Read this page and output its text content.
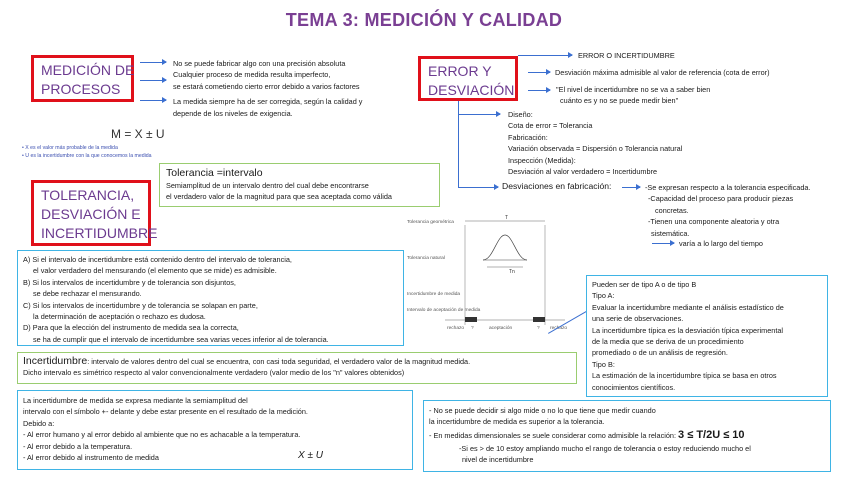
TEMA 3: MEDICIÓN Y CALIDAD
MEDICIÓN DE
PROCESOS
No se puede fabricar algo con una precisión absoluta
Cualquier proceso de medida resulta imperfecto,
se estará cometiendo cierto error debido a varios factores
La medida siempre ha de ser corregida, según la calidad y
depende de los niveles de exigencia.
M = X ± U
• X es el valor más probable de la medida
• U es la incertidumbre con la que conocemos la medida
ERROR Y
DESVIACIÓN
ERROR O INCERTIDUMBRE
Desviación máxima admisible al valor de referencia (cota de error)
"El nivel de incertidumbre no se va a saber bien
cuánto es y no se puede medir bien"
Diseño:
Cota de error = Tolerancia
Fabricación:
Variación observada = Dispersión o Tolerancia natural
Inspección (Medida):
Desviación al valor verdadero = Incertidumbre
Desviaciones en fabricación:	-Se expresan respecto a la tolerancia especificada.
-Capacidad del proceso para producir piezas
concretas.
-Tienen una componente aleatoria y otra
sistemática.
varía a lo largo del tiempo
TOLERANCIA,
DESVIACIÓN E
INCERTIDUMBRE
Tolerancia =intervalo
Semiamplitud de un intervalo dentro del cual debe encontrarse
el verdadero valor de la magnitud para que sea aceptada como válida
A) Si el intervalo de incertidumbre está contenido dentro del intervalo de tolerancia,
el valor verdadero del mensurando (el elemento que se mide) es admisible.
B) Si los intervalos de incertidumbre y de tolerancia son disjuntos,
se debe rechazar el mensurando.
C) Si los intervalos de incertidumbre y de tolerancia se solapan en parte,
la determinación de aceptación o rechazo es dudosa.
D) Para que la elección del instrumento de medida sea la correcta,
se ha de cumplir que el intervalo de incertidumbre sea varias veces inferior al de tolerancia.
Tolerancia geométrica
Tolerancia natural
Incertidumbre de medida
Intervalo de aceptación de medida
T
Tn
rechazo ?	aceptación	? rechazo
Incertidumbre: intervalo de valores dentro del cual se encuentra, con casi toda seguridad, el verdadero valor de la magnitud medida.
Dicho intervalo es simétrico respecto al valor convencionalmente verdadero (valor medio de los "n" valores obtenidos)
Pueden ser de tipo A o de tipo B
Tipo A:
Evaluar la incertidumbre mediante el análisis estadístico de
una serie de observaciones.
La incertidumbre típica es la desviación típica experimental
de la media que se deriva de un procedimiento
promediado o de un análisis de regresión.
Tipo B:
La estimación de la incertidumbre típica se basa en otros
conocimientos científicos.
La incertidumbre de medida se expresa mediante la semiamplitud del
intervalo con el símbolo +- delante y debe estar presente en el resultado de la medición.
Debido a:
- Al error humano y al error debido al ambiente que no es achacable a la temperatura.
- Al error debido a la temperatura.
- Al error debido al instrumento de medida	X ± U
- No se puede decidir si algo mide o no lo que tiene que medir cuando
la incertidumbre de medida es superior a la tolerancia.
- En medidas dimensionales se suele considerar como admisible la relación: 3 ≤ T/2U ≤ 10
-Si es > de 10 estoy ampliando mucho el rango de tolerancia o estoy reduciendo mucho el
nivel de incertidumbre
